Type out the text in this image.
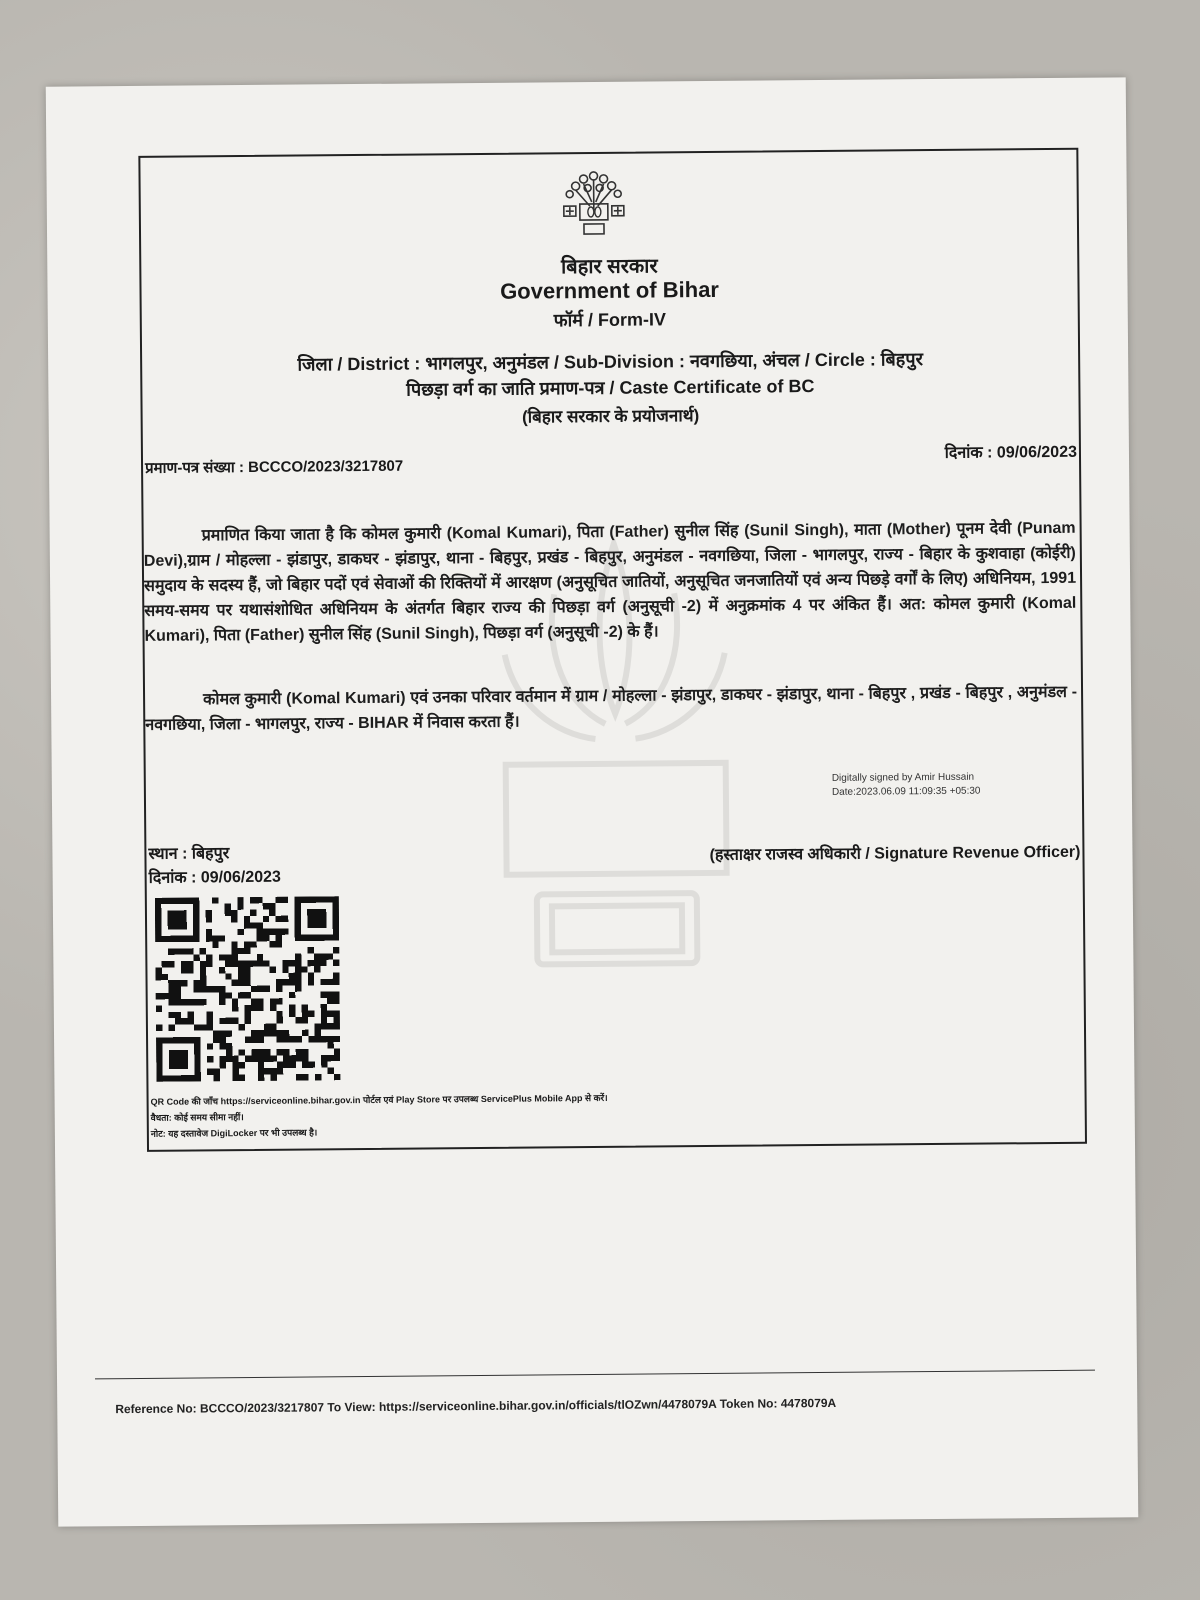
बिहार सरकार
Government of Bihar
फॉर्म / Form-IV
जिला / District : भागलपुर, अनुमंडल / Sub-Division : नवगछिया, अंचल / Circle : बिहपुर
पिछड़ा वर्ग का जाति प्रमाण-पत्र / Caste Certificate of BC
(बिहार सरकार के प्रयोजनार्थ)
प्रमाण-पत्र संख्या : BCCCO/2023/3217807
दिनांक : 09/06/2023
प्रमाणित किया जाता है कि कोमल कुमारी (Komal Kumari), पिता (Father) सुनील सिंह (Sunil Singh), माता (Mother) पूनम देवी (Punam Devi),ग्राम / मोहल्ला - झंडापुर, डाकघर - झंडापुर, थाना - बिहपुर, प्रखंड - बिहपुर, अनुमंडल - नवगछिया, जिला - भागलपुर, राज्य - बिहार के कुशवाहा (कोईरी) समुदाय के सदस्य हैं, जो बिहार पदों एवं सेवाओं की रिक्तियों में आरक्षण (अनुसूचित जातियों, अनुसूचित जनजातियों एवं अन्य पिछड़े वर्गों के लिए) अधिनियम, 1991 समय-समय पर यथासंशोधित अधिनियम के अंतर्गत बिहार राज्य की पिछड़ा वर्ग (अनुसूची -2) में अनुक्रमांक 4 पर अंकित हैं। अत: कोमल कुमारी (Komal Kumari), पिता (Father) सुनील सिंह (Sunil Singh), पिछड़ा वर्ग (अनुसूची -2) के हैं।
कोमल कुमारी (Komal Kumari) एवं उनका परिवार वर्तमान में ग्राम / मोहल्ला - झंडापुर, डाकघर - झंडापुर, थाना - बिहपुर , प्रखंड - बिहपुर , अनुमंडल - नवगछिया, जिला - भागलपुर, राज्य - BIHAR में निवास करता हैं।
Digitally signed by Amir Hussain
Date:2023.06.09 11:09:35 +05:30
स्थान : बिहपुर
दिनांक : 09/06/2023
(हस्ताक्षर राजस्व अधिकारी / Signature Revenue Officer)
QR Code की जाँच https://serviceonline.bihar.gov.in पोर्टल एवं Play Store पर उपलब्ध ServicePlus Mobile App से करें।
वैधता: कोई समय सीमा नहीं।
नोट: यह दस्तावेज DigiLocker पर भी उपलब्ध है।
Reference No: BCCCO/2023/3217807 To View: https://serviceonline.bihar.gov.in/officials/tlOZwn/4478079A Token No: 4478079A
